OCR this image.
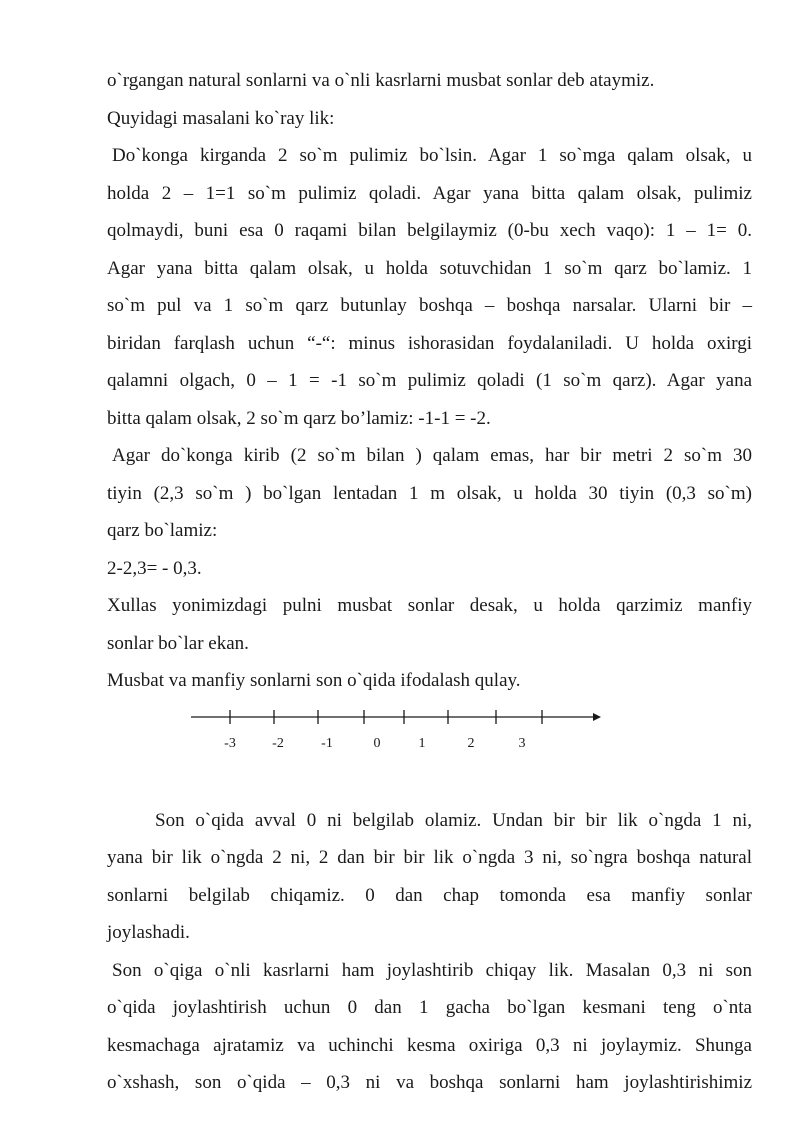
o`rgangan natural sonlarni va o`nli kasrlarni musbat sonlar deb ataymiz.
Quyidagi masalani ko`ray lik:
Do`konga kirganda 2 so`m pulimiz bo`lsin. Agar 1 so`mga qalam olsak, u
holda 2 – 1=1 so`m pulimiz qoladi. Agar yana bitta qalam olsak, pulimiz
qolmaydi, buni esa 0 raqami bilan belgilaymiz (0-bu xech vaqo): 1 – 1= 0.
Agar yana bitta qalam olsak, u holda sotuvchidan 1 so`m qarz bo`lamiz. 1
so`m pul va 1 so`m qarz butunlay boshqa – boshqa narsalar. Ularni bir –
biridan farqlash uchun “-“: minus ishorasidan foydalaniladi. U holda oxirgi
qalamni olgach, 0 – 1 = -1 so`m pulimiz qoladi (1 so`m qarz). Agar yana
bitta qalam olsak, 2 so`m qarz bo’lamiz: -1-1 = -2.
Agar do`konga kirib (2 so`m bilan ) qalam emas, har bir metri 2 so`m 30
tiyin (2,3 so`m ) bo`lgan lentadan 1 m olsak, u holda 30 tiyin (0,3 so`m)
qarz bo`lamiz:
2-2,3= - 0,3.
Xullas yonimizdagi pulni musbat sonlar desak, u holda qarzimiz manfiy
sonlar bo`lar ekan.
Musbat va manfiy sonlarni son o`qida ifodalash qulay.
-3	-2	-1	0	1	2	3
Son o`qida avval 0 ni belgilab olamiz. Undan bir bir lik o`ngda 1 ni,
yana bir lik o`ngda 2 ni, 2 dan bir bir lik o`ngda 3 ni, so`ngra boshqa natural
sonlarni belgilab chiqamiz. 0 dan chap tomonda esa manfiy sonlar
joylashadi.
Son o`qiga o`nli kasrlarni ham joylashtirib chiqay lik. Masalan 0,3 ni son
o`qida joylashtirish uchun 0 dan 1 gacha bo`lgan kesmani teng o`nta
kesmachaga ajratamiz va uchinchi kesma oxiriga 0,3 ni joylaymiz. Shunga
o`xshash, son o`qida – 0,3 ni va boshqa sonlarni ham joylashtirishimiz
